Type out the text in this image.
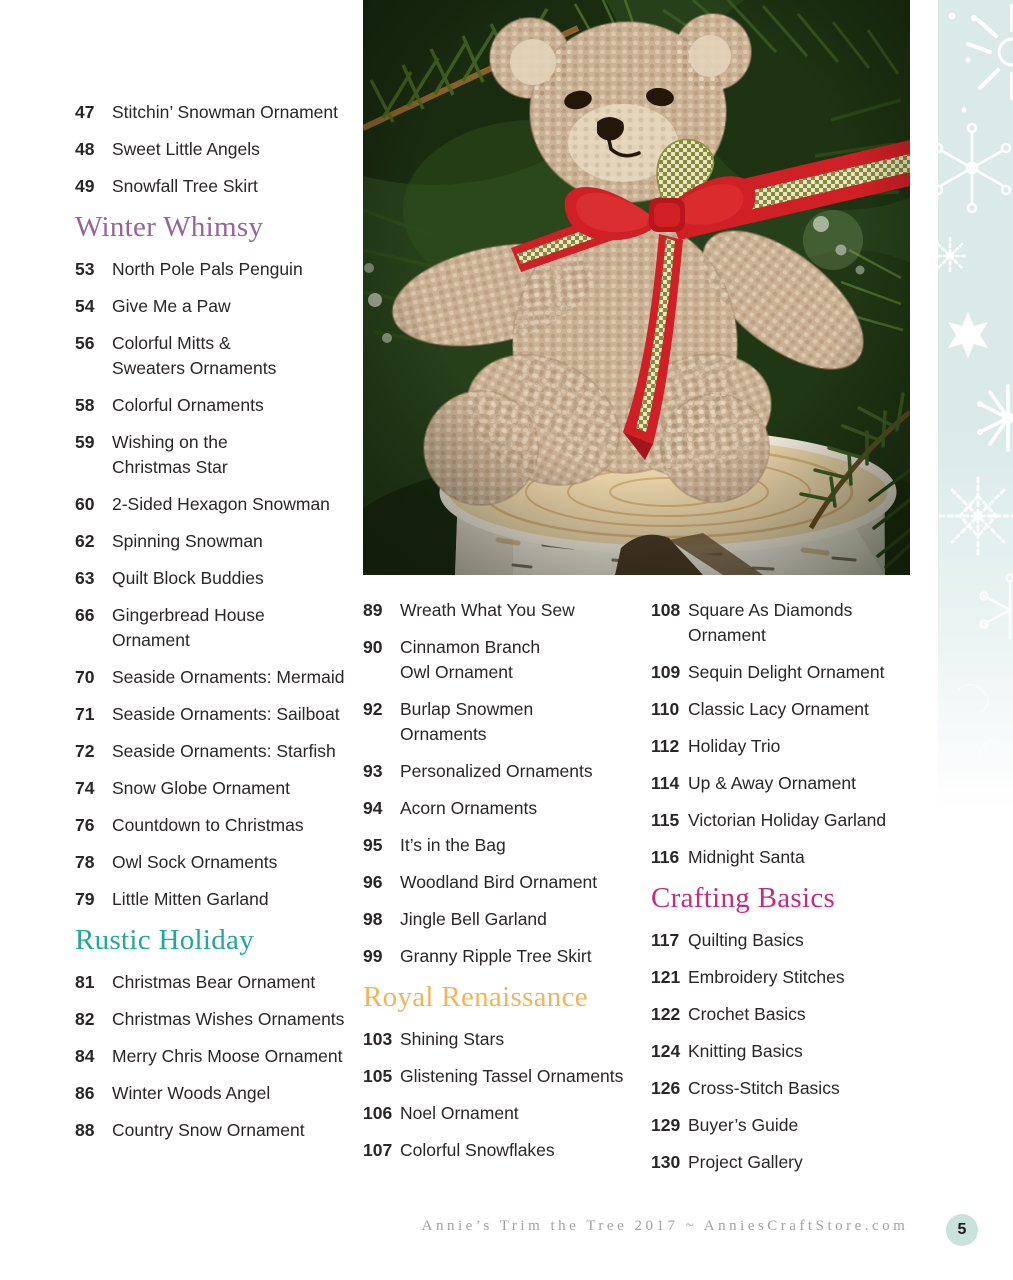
47	Stitchin’ Snowman Ornament
48	Sweet Little Angels
49	Snowfall Tree Skirt
Winter Whimsy
53	North Pole Pals Penguin
54	Give Me a Paw
56	Colorful Mitts &
Sweaters Ornaments
58	Colorful Ornaments
59	Wishing on the
Christmas Star
60	2-Sided Hexagon Snowman
62	Spinning Snowman
63	Quilt Block Buddies
66	Gingerbread House
Ornament
70	Seaside Ornaments: Mermaid
71	Seaside Ornaments: Sailboat
72	Seaside Ornaments: Starfish
74	Snow Globe Ornament
76	Countdown to Christmas
78	Owl Sock Ornaments
79	Little Mitten Garland
Rustic Holiday
81	Christmas Bear Ornament
82	Christmas Wishes Ornaments
84	Merry Chris Moose Ornament
86	Winter Woods Angel
88	Country Snow Ornament
89	Wreath What You Sew
90	Cinnamon Branch
Owl Ornament
92	Burlap Snowmen
Ornaments
93	Personalized Ornaments
94	Acorn Ornaments
95	It’s in the Bag
96	Woodland Bird Ornament
98	Jingle Bell Garland
99	Granny Ripple Tree Skirt
Royal Renaissance
103 Shining Stars
105 Glistening Tassel Ornaments
106 Noel Ornament
107 Colorful Snowflakes
108 Square As Diamonds
Ornament
109 Sequin Delight Ornament
110 Classic Lacy Ornament
112 Holiday Trio
114 Up & Away Ornament
115 Victorian Holiday Garland
116 Midnight Santa
Crafting Basics
117 Quilting Basics
121 Embroidery Stitches
122 Crochet Basics
124 Knitting Basics
126 Cross-Stitch Basics
129 Buyer’s Guide
130 Project Gallery
Annie’s Trim the Tree 2017 ~ AnniesCraftStore.com	5
